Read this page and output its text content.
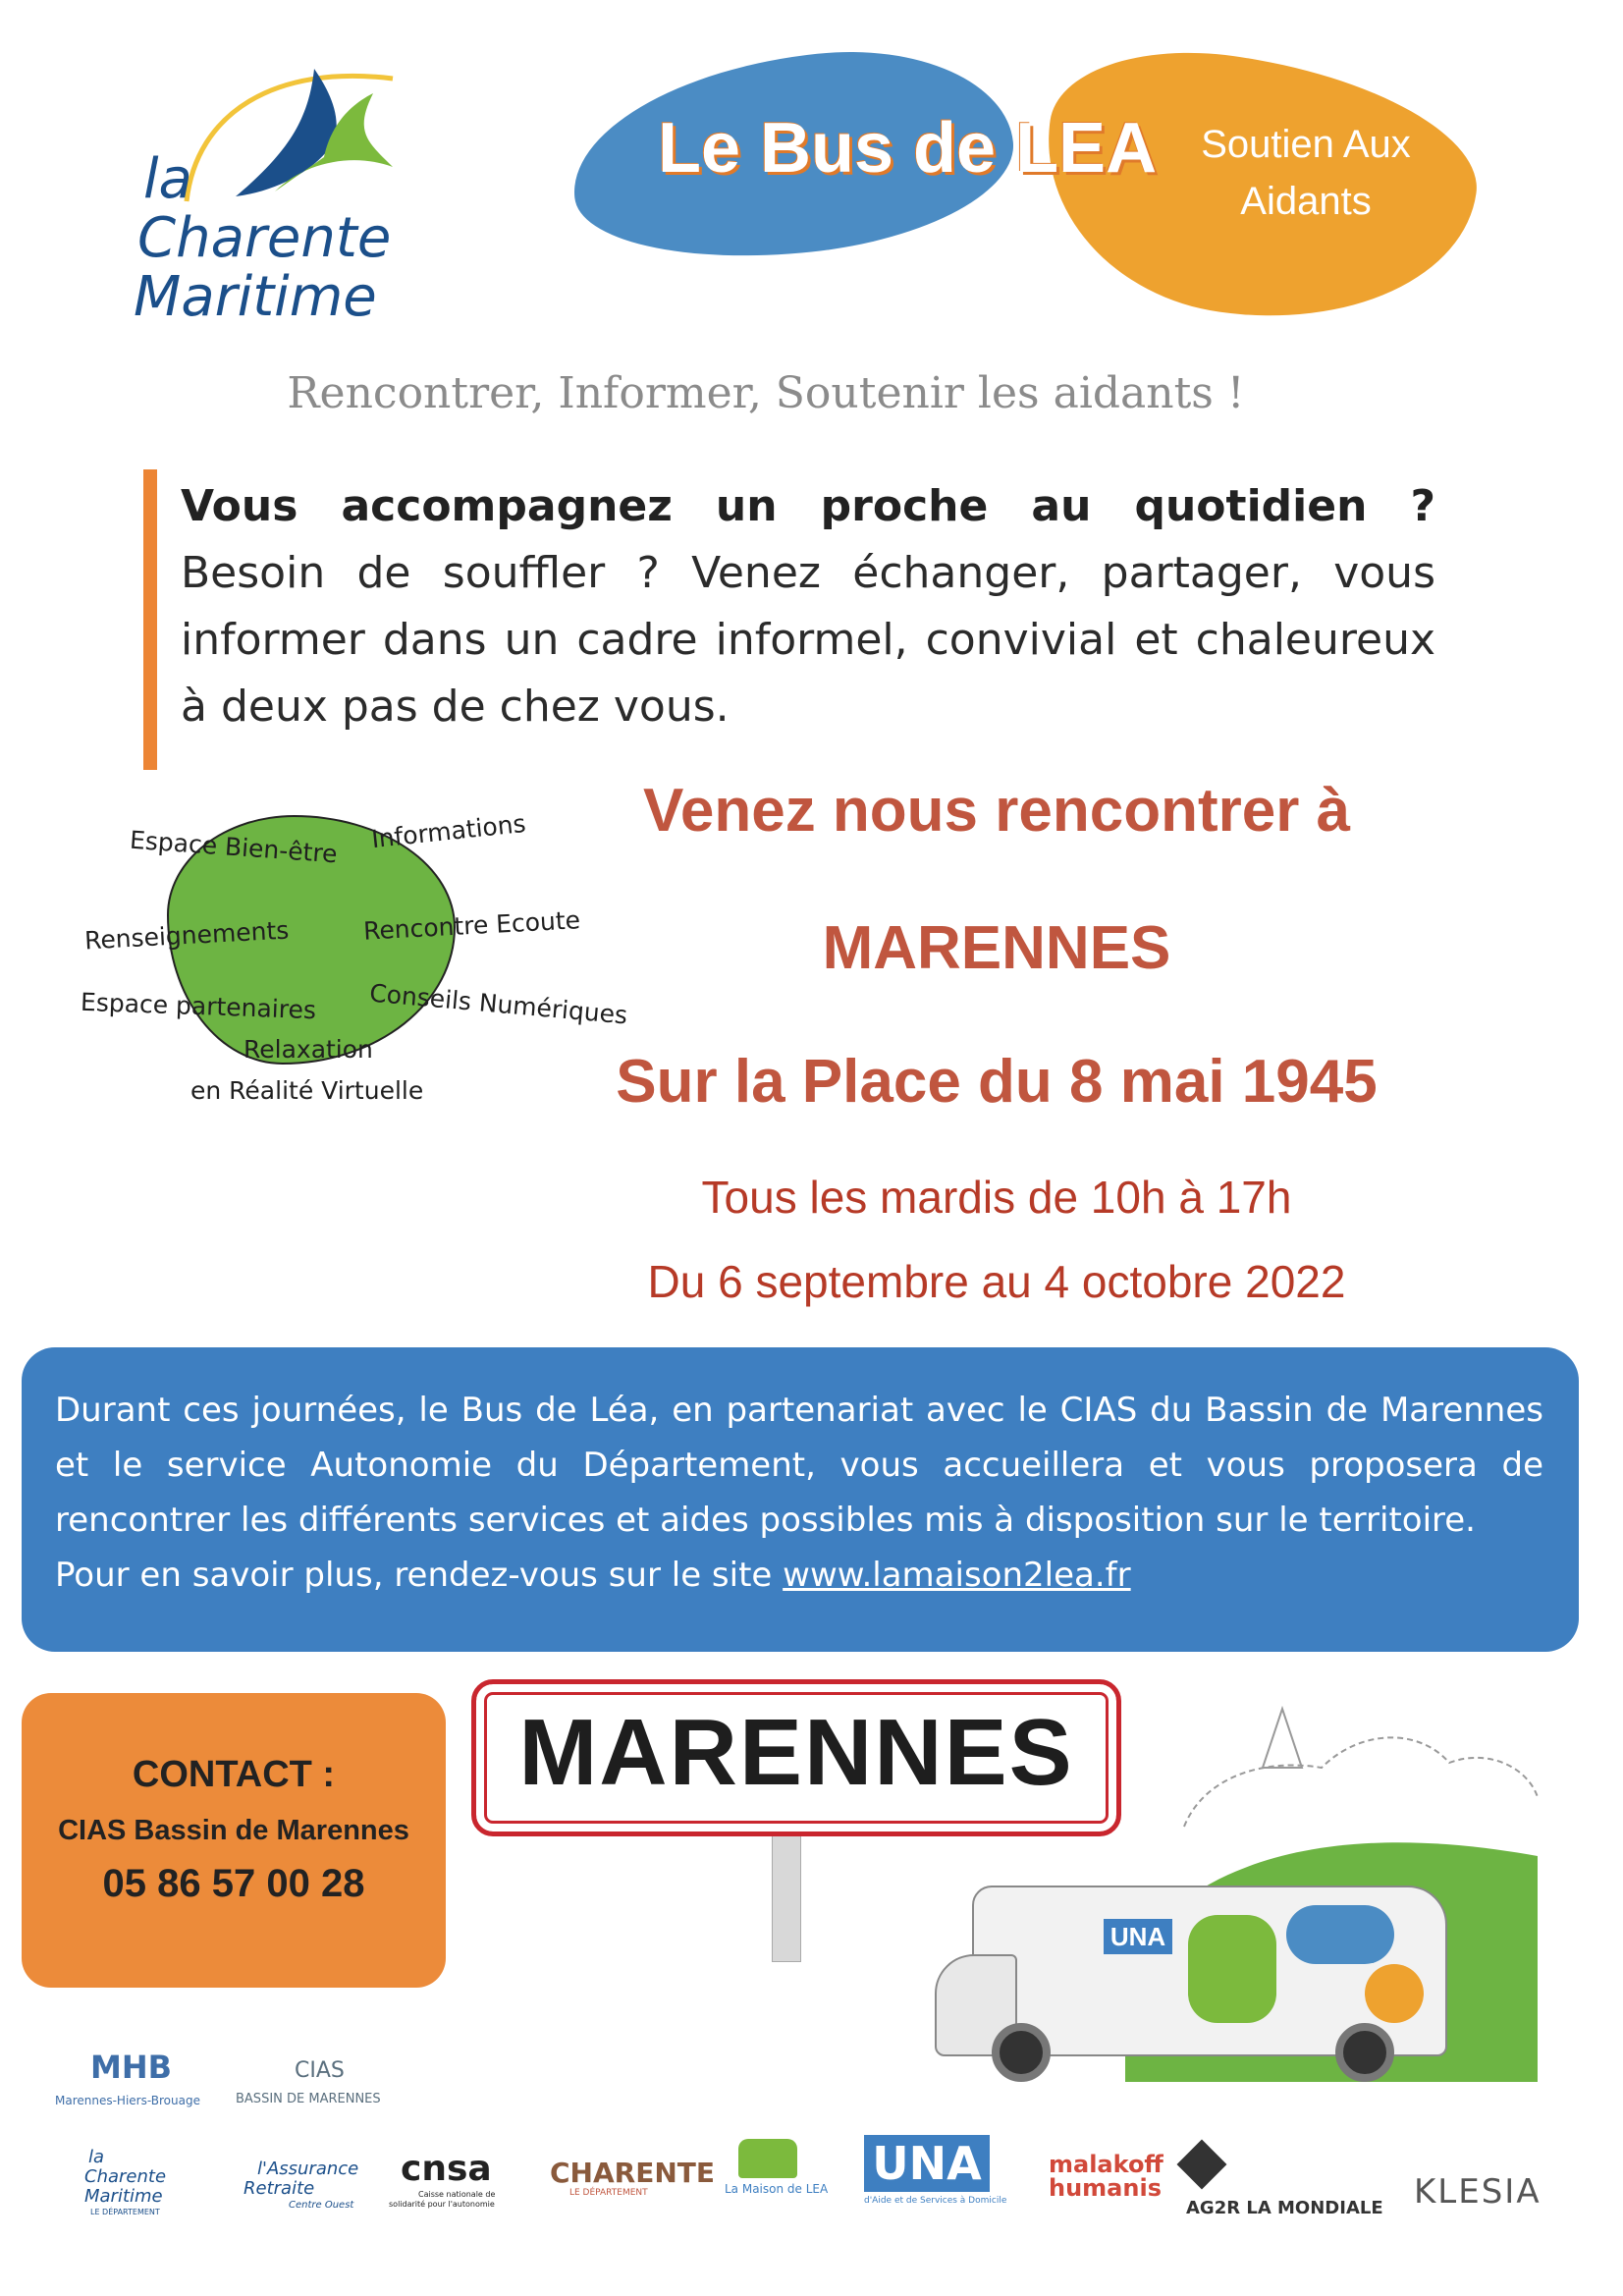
la
Charente
Maritime
Le Bus de LEA	Soutien Aux
Aidants
Rencontrer, Informer, Soutenir les aidants !
Vous accompagnez un proche au quotidien ?
Besoin de souffler ? Venez échanger, partager, vous informer dans un cadre informel, convivial et chaleureux à deux pas de chez vous.
Espace Bien-être Informations
Renseignements	Rencontre Ecoute
Espace partenaires Conseils Numériques
Relaxation
en Réalité Virtuelle
Venez nous rencontrer à
MARENNES
Sur la Place du 8 mai 1945
Tous les mardis de 10h à 17h
Du 6 septembre au 4 octobre 2022
Durant ces journées, le Bus de Léa, en partenariat avec le CIAS du Bassin de Marennes et le service Autonomie du Département, vous accueillera et vous proposera de rencontrer les différents services et aides possibles mis à disposition sur le territoire.
Pour en savoir plus, rendez-vous sur le site www.lamaison2lea.fr
CONTACT :
CIAS Bassin de Marennes
05 86 57 00 28
MARENNES
UNA
MHB
Marennes-Hiers-Brouage
CIAS
BASSIN DE MARENNES
la
Charente
Maritime
LE DÉPARTEMENT
l'Assurance
Retraite
Centre Ouest
cnsa
Caisse nationale de
solidarité pour l'autonomie
CHARENTE
LE DÉPARTEMENT	La Maison de LEA UNA
d'Aide et de Services à Domicile
malakoff
humanis
AG2R LA MONDIALE KLESIA
